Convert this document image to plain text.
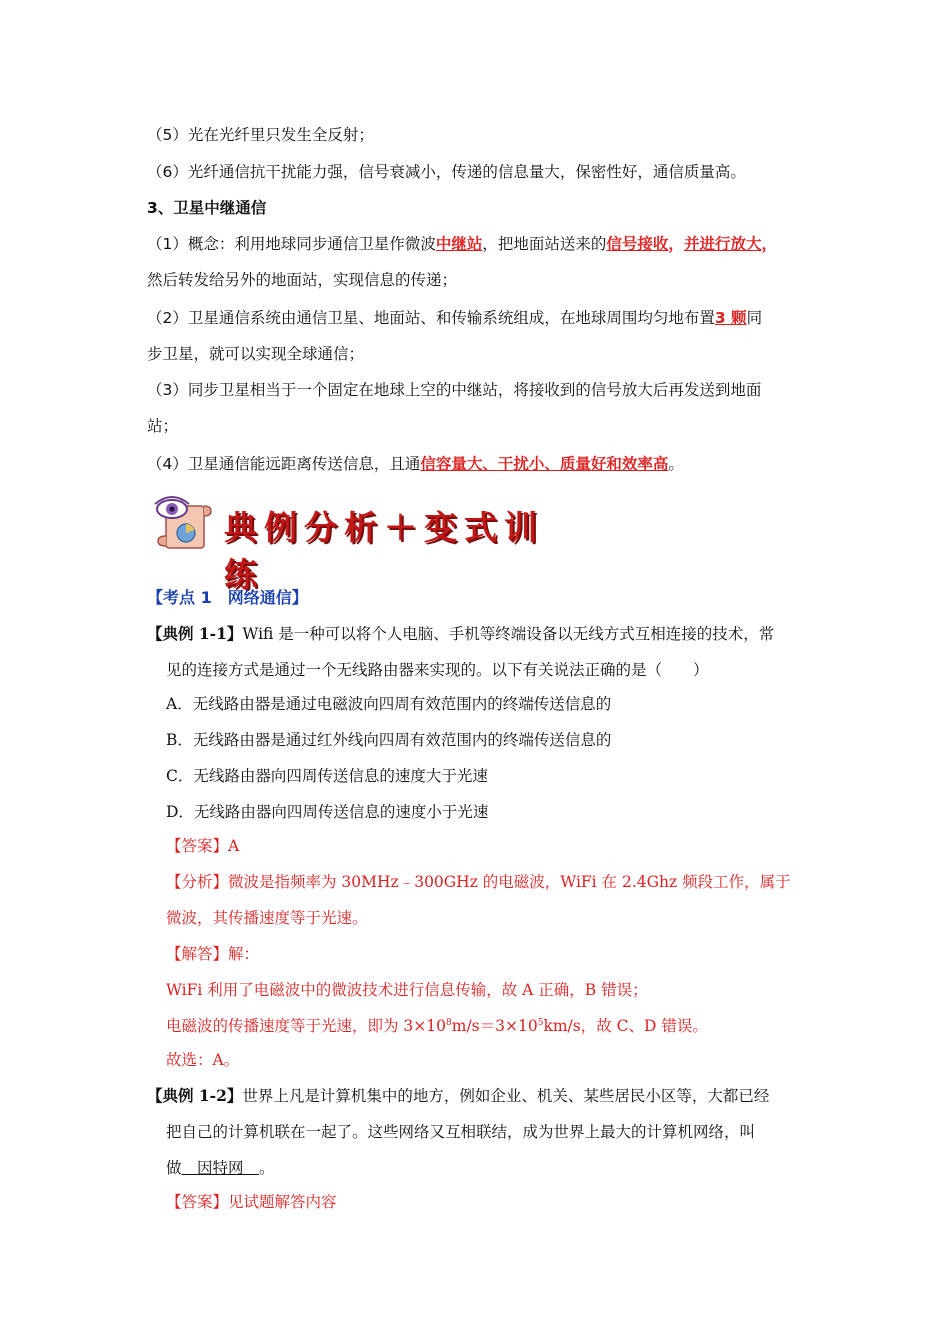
（5）光在光纤里只发生全反射；
（6）光纤通信抗干扰能力强，信号衰减小，传递的信息量大，保密性好，通信质量高。
3、卫星中继通信
（1）概念：利用地球同步通信卫星作微波中继站，把地面站送来的信号接收，并进行放大，
然后转发给另外的地面站，实现信息的传递；
（2）卫星通信系统由通信卫星、地面站、和传输系统组成，在地球周围均匀地布置3 颗同
步卫星，就可以实现全球通信；
（3）同步卫星相当于一个固定在地球上空的中继站，将接收到的信号放大后再发送到地面
站；
（4）卫星通信能远距离传送信息，且通信容量大、干扰小、质量好和效率高。
典例分析＋变式训练
【考点 1　网络通信】
【典例 1-1】Wifi 是一种可以将个人电脑、手机等终端设备以无线方式互相连接的技术，常
见的连接方式是通过一个无线路由器来实现的。以下有关说法正确的是（　　）
A．无线路由器是通过电磁波向四周有效范围内的终端传送信息的
B．无线路由器是通过红外线向四周有效范围内的终端传送信息的
C．无线路由器向四周传送信息的速度大于光速
D．无线路由器向四周传送信息的速度小于光速
【答案】A
【分析】微波是指频率为 30MHz﹣300GHz 的电磁波，WiFi 在 2.4Ghz 频段工作，属于
微波，其传播速度等于光速。
【解答】解：
WiFi 利用了电磁波中的微波技术进行信息传输，故 A 正确，B 错误；
电磁波的传播速度等于光速，即为 $3\times 10^8m/s=3\times 10^5km/s$，故 C、D 错误。
故选：A。
【典例 1-2】世界上凡是计算机集中的地方，例如企业、机关、某些居民小区等，大都已经
把自己的计算机联在一起了。这些网络又互相联结，成为世界上最大的计算机网络，叫
做　因特网　。
【答案】见试题解答内容
